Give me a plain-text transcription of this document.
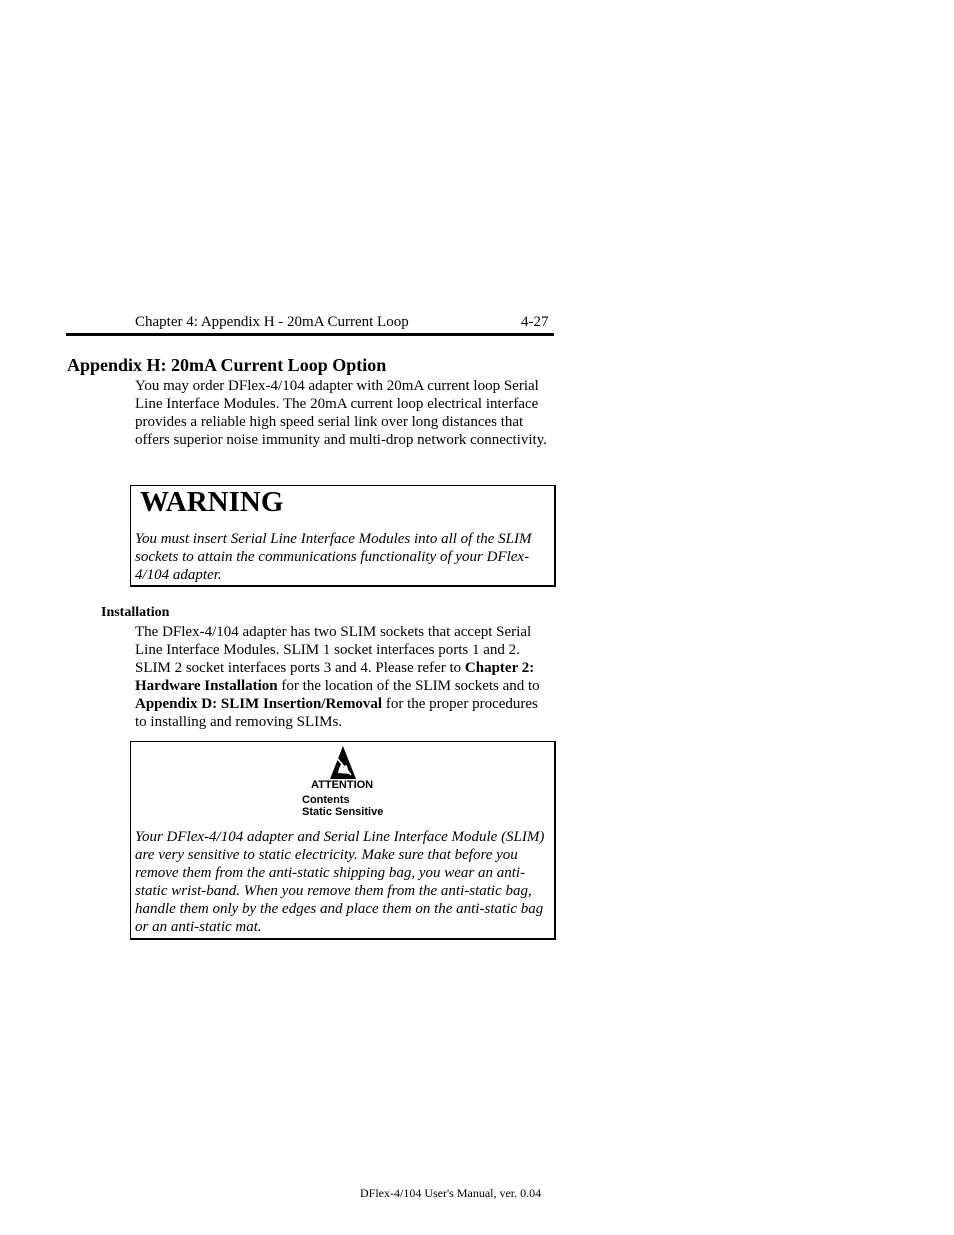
Chapter 4: Appendix H - 20mA Current Loop	4-27
Appendix H: 20mA Current Loop Option
You may order DFlex-4/104 adapter with 20mA current loop Serial Line Interface Modules. The 20mA current loop electrical interface provides a reliable high speed serial link over long distances that offers superior noise immunity and multi-drop network connectivity.
WARNING
You must insert Serial Line Interface Modules into all of the SLIM sockets to attain the communications functionality of your DFlex-4/104 adapter.
Installation
The DFlex-4/104 adapter has two SLIM sockets that accept Serial Line Interface Modules. SLIM 1 socket interfaces ports 1 and 2. SLIM 2 socket interfaces ports 3 and 4. Please refer to Chapter 2: Hardware Installation for the location of the SLIM sockets and to Appendix D: SLIM Insertion/Removal for the proper procedures to installing and removing SLIMs.
ATTENTION
Contents
Static Sensitive
Your DFlex-4/104 adapter and Serial Line Interface Module (SLIM) are very sensitive to static electricity. Make sure that before you remove them from the anti-static shipping bag, you wear an anti-static wrist-band. When you remove them from the anti-static bag, handle them only by the edges and place them on the anti-static bag or an anti-static mat.
DFlex-4/104 User's Manual, ver. 0.04
